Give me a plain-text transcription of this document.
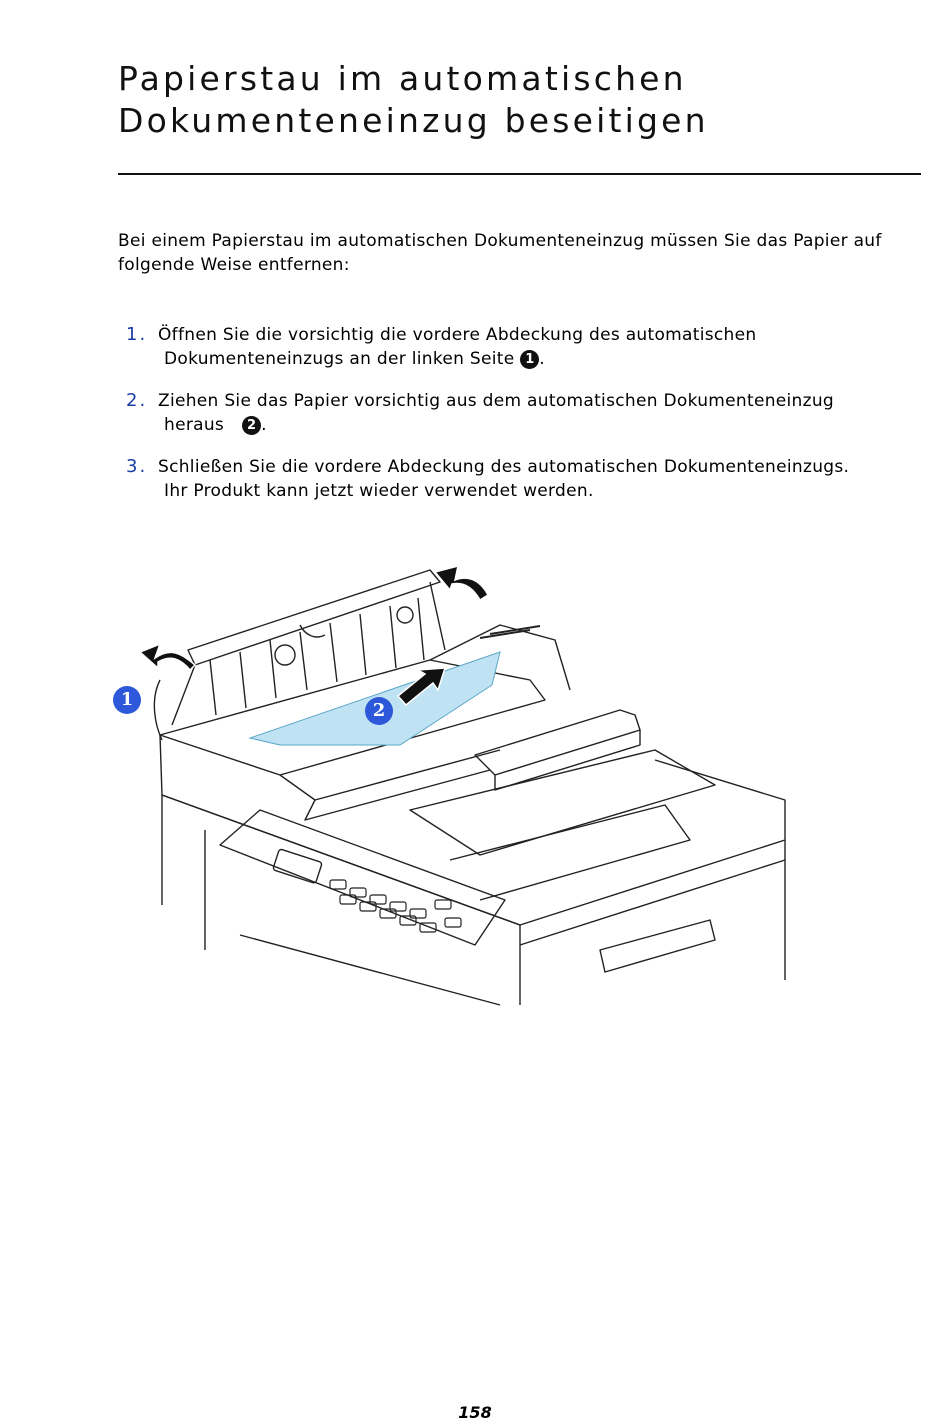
Papierstau im automatischen
Dokumenteneinzug beseitigen

Bei einem Papierstau im automatischen Dokumenteneinzug müssen Sie das Papier auf folgende Weise entfernen:

1. Öffnen Sie die vorsichtig die vordere Abdeckung des automatischen
Dokumenteneinzugs an der linken Seite 1 .
2. Ziehen Sie das Papier vorsichtig aus dem automatischen Dokumenteneinzug
heraus 2 .
3. Schließen Sie die vordere Abdeckung des automatischen Dokumenteneinzugs.
Ihr Produkt kann jetzt wieder verwendet werden.
1
2
158
